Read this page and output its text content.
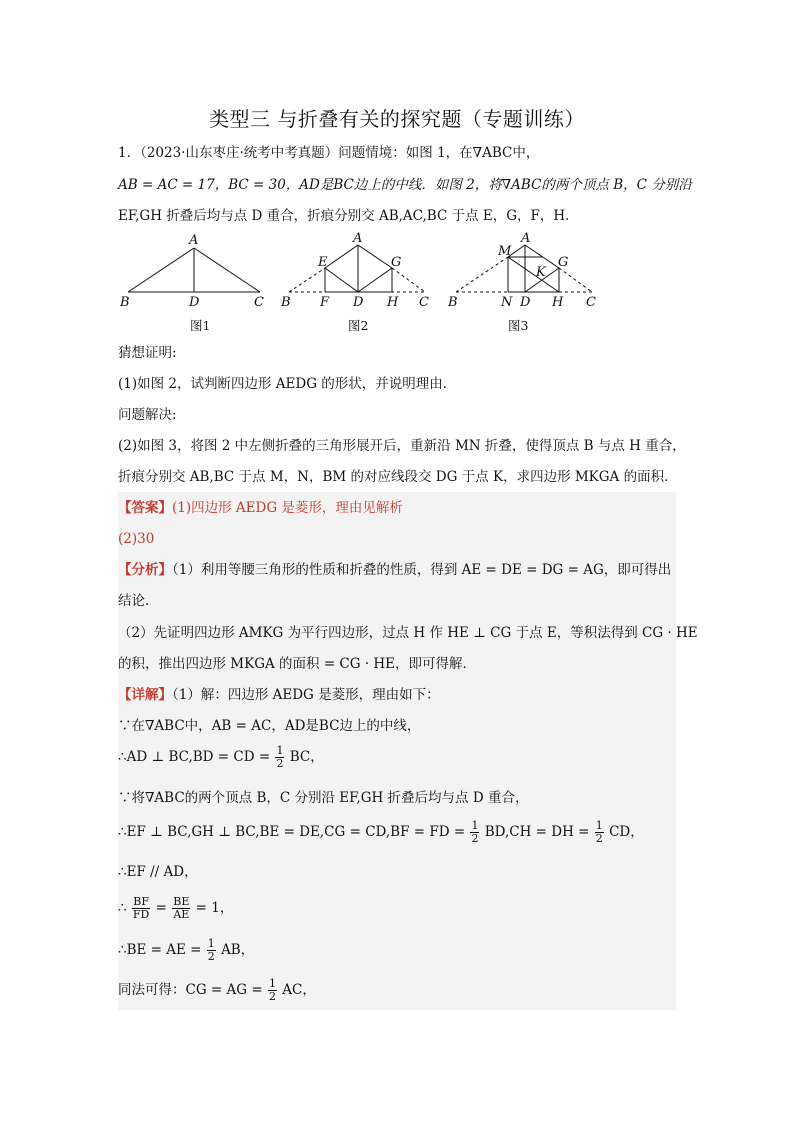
类型三 与折叠有关的探究题（专题训练）
1．（2023·山东枣庄·统考中考真题）问题情境：如图 1，在∇ABC中，
AB = AC = 17，BC = 30，AD是BC边上的中线．如图 2，将∇ABC的两个顶点 B，C 分别沿
EF,GH 折叠后均与点 D 重合，折痕分别交 AB,AC,BC 于点 E，G，F，H．
A
B	D	C
A
E	G
B F D H C
M
A
G
K
B	N D H C
图1	图2	图3
猜想证明:
(1)如图 2，试判断四边形 AEDG 的形状，并说明理由．
问题解决:
(2)如图 3，将图 2 中左侧折叠的三角形展开后，重新沿 MN 折叠，使得顶点 B 与点 H 重合，
折痕分别交 AB,BC 于点 M，N，BM 的对应线段交 DG 于点 K，求四边形 MKGA 的面积．
【答案】(1)四边形 AEDG 是菱形，理由见解析
(2)30
【分析】（1）利用等腰三角形的性质和折叠的性质，得到 AE = DE = DG = AG，即可得出
结论．
（2）先证明四边形 AMKG 为平行四边形，过点 H 作 HE ⊥ CG 于点 E，等积法得到 CG · HE
的积，推出四边形 MKGA 的面积 = CG · HE，即可得解．
【详解】（1）解：四边形 AEDG 是菱形，理由如下：
∵在∇ABC中，AB = AC，AD是BC边上的中线，
∴AD ⊥ BC,BD = CD = $\frac{1}{2}$ BC，
∵将∇ABC的两个顶点 B，C 分别沿 EF,GH 折叠后均与点 D 重合，
∴EF ⊥ BC,GH ⊥ BC,BE = DE,CG = CD,BF = FD = $\frac{1}{2} BD,CH$ = DH = $\frac{1}{2}$ CD，
∴EF // AD，
∴ $\frac{BF}{FD} = \frac{BE}{AE} = 1$，
∴BE = AE = $\frac{1}{2}$ AB，
同法可得：CG = AG = $\frac{1}{2}$ AC，
